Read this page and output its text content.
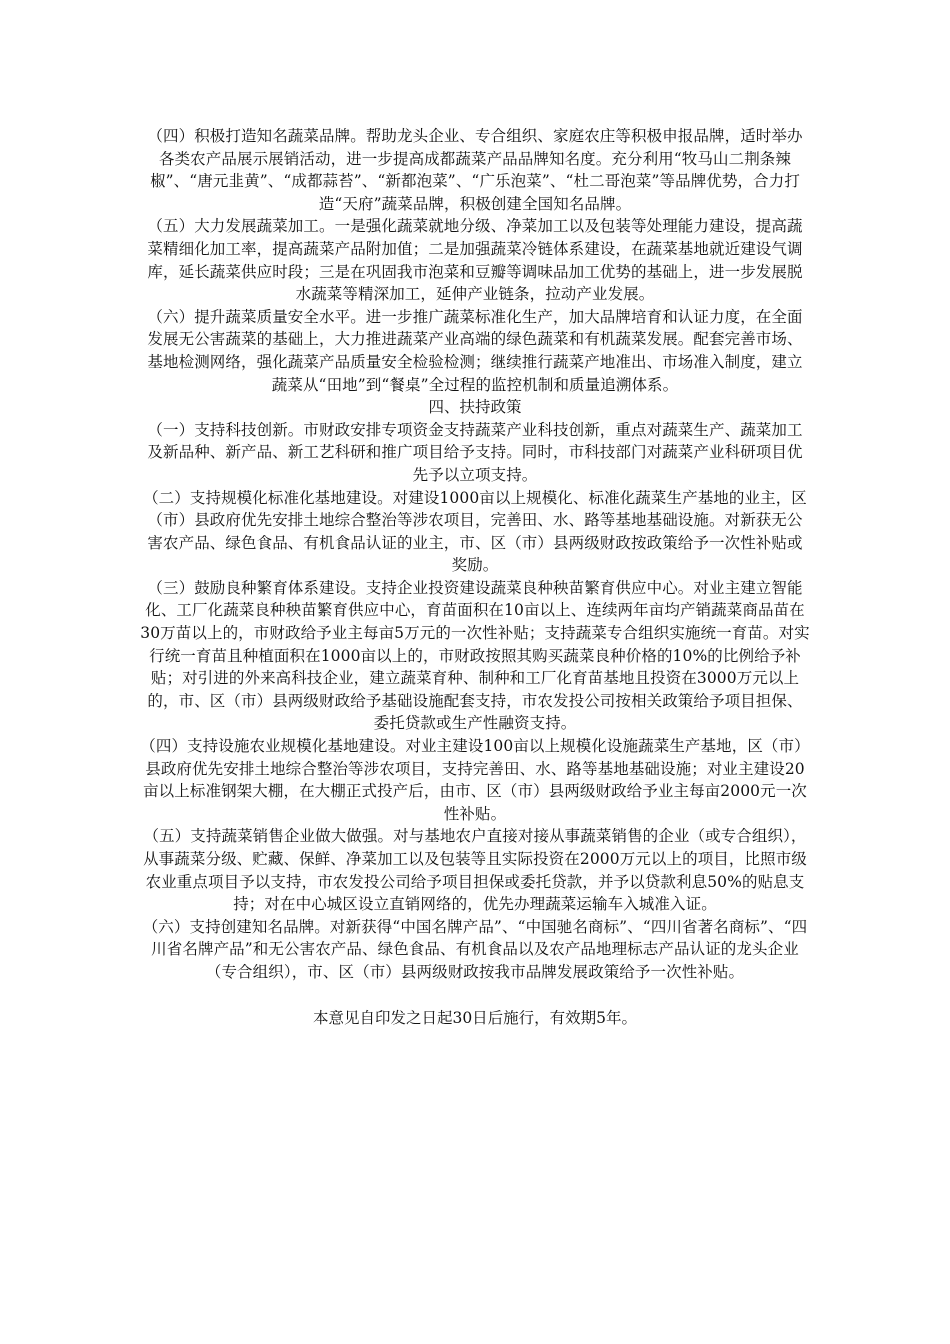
（四）积极打造知名蔬菜品牌。帮助龙头企业、专合组织、家庭农庄等积极申报品牌，适时举办各类农产品展示展销活动，进一步提高成都蔬菜产品品牌知名度。充分利用“牧马山二荆条辣椒”、“唐元韭黄”、“成都蒜苔”、“新都泡菜”、“广乐泡菜”、“杜二哥泡菜”等品牌优势，合力打造“天府”蔬菜品牌，积极创建全国知名品牌。

（五）大力发展蔬菜加工。一是强化蔬菜就地分级、净菜加工以及包装等处理能力建设，提高蔬菜精细化加工率，提高蔬菜产品附加值；二是加强蔬菜冷链体系建设，在蔬菜基地就近建设气调库，延长蔬菜供应时段；三是在巩固我市泡菜和豆瓣等调味品加工优势的基础上，进一步发展脱水蔬菜等精深加工，延伸产业链条，拉动产业发展。

（六）提升蔬菜质量安全水平。进一步推广蔬菜标准化生产，加大品牌培育和认证力度，在全面发展无公害蔬菜的基础上，大力推进蔬菜产业高端的绿色蔬菜和有机蔬菜发展。配套完善市场、基地检测网络，强化蔬菜产品质量安全检验检测；继续推行蔬菜产地准出、市场准入制度，建立蔬菜从“田地”到“餐桌”全过程的监控机制和质量追溯体系。

四、扶持政策

（一）支持科技创新。市财政安排专项资金支持蔬菜产业科技创新，重点对蔬菜生产、蔬菜加工及新品种、新产品、新工艺科研和推广项目给予支持。同时，市科技部门对蔬菜产业科研项目优先予以立项支持。

（二）支持规模化标准化基地建设。对建设1000亩以上规模化、标准化蔬菜生产基地的业主，区（市）县政府优先安排土地综合整治等涉农项目，完善田、水、路等基地基础设施。对新获无公害农产品、绿色食品、有机食品认证的业主，市、区（市）县两级财政按政策给予一次性补贴或奖励。

（三）鼓励良种繁育体系建设。支持企业投资建设蔬菜良种秧苗繁育供应中心。对业主建立智能化、工厂化蔬菜良种秧苗繁育供应中心，育苗面积在10亩以上、连续两年亩均产销蔬菜商品苗在30万苗以上的，市财政给予业主每亩5万元的一次性补贴；支持蔬菜专合组织实施统一育苗。对实行统一育苗且种植面积在1000亩以上的，市财政按照其购买蔬菜良种价格的10%的比例给予补贴；对引进的外来高科技企业，建立蔬菜育种、制种和工厂化育苗基地且投资在3000万元以上的，市、区（市）县两级财政给予基础设施配套支持，市农发投公司按相关政策给予项目担保、委托贷款或生产性融资支持。

（四）支持设施农业规模化基地建设。对业主建设100亩以上规模化设施蔬菜生产基地，区（市）县政府优先安排土地综合整治等涉农项目，支持完善田、水、路等基地基础设施；对业主建设20亩以上标准钢架大棚，在大棚正式投产后，由市、区（市）县两级财政给予业主每亩2000元一次性补贴。

（五）支持蔬菜销售企业做大做强。对与基地农户直接对接从事蔬菜销售的企业（或专合组织），从事蔬菜分级、贮藏、保鲜、净菜加工以及包装等且实际投资在2000万元以上的项目，比照市级农业重点项目予以支持，市农发投公司给予项目担保或委托贷款，并予以贷款利息50%的贴息支持；对在中心城区设立直销网络的，优先办理蔬菜运输车入城准入证。

（六）支持创建知名品牌。对新获得“中国名牌产品”、“中国驰名商标”、“四川省著名商标”、“四川省名牌产品”和无公害农产品、绿色食品、有机食品以及农产品地理标志产品认证的龙头企业（专合组织），市、区（市）县两级财政按我市品牌发展政策给予一次性补贴。

本意见自印发之日起30日后施行，有效期5年。
